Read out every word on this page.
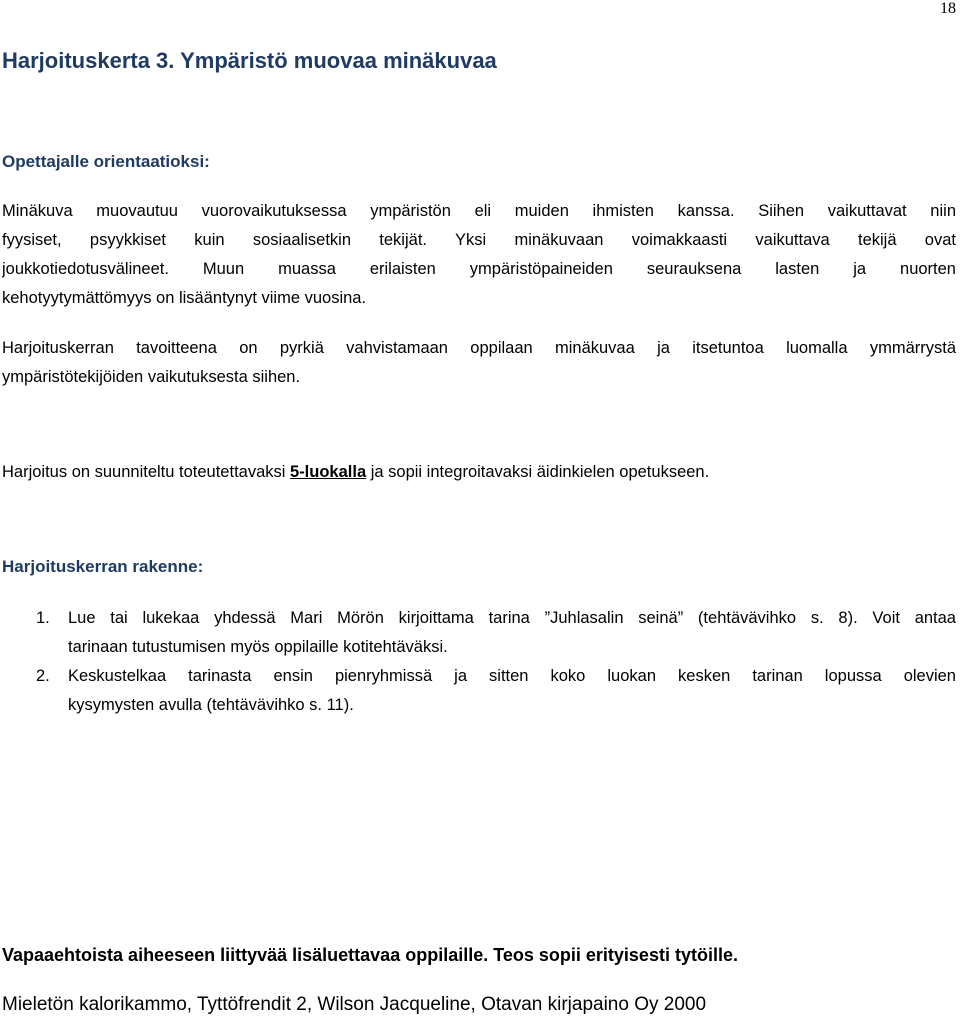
18
Harjoituskerta 3. Ympäristö muovaa minäkuvaa
Opettajalle orientaatioksi:
Minäkuva muovautuu vuorovaikutuksessa ympäristön eli muiden ihmisten kanssa. Siihen vaikuttavat niin
fyysiset, psyykkiset kuin sosiaalisetkin tekijät. Yksi minäkuvaan voimakkaasti vaikuttava tekijä ovat
joukkotiedotusvälineet. Muun muassa erilaisten ympäristöpaineiden seurauksena lasten ja nuorten
kehotyytymättömyys on lisääntynyt viime vuosina.
Harjoituskerran tavoitteena on pyrkiä vahvistamaan oppilaan minäkuvaa ja itsetuntoa luomalla ymmärrystä
ympäristötekijöiden vaikutuksesta siihen.
Harjoitus on suunniteltu toteutettavaksi 5-luokalla ja sopii integroitavaksi äidinkielen opetukseen.
Harjoituskerran rakenne:
1. Lue tai lukekaa yhdessä Mari Mörön kirjoittama tarina ”Juhlasalin seinä” (tehtävävihko s. 8). Voit antaa
tarinaan tutustumisen myös oppilaille kotitehtäväksi.
2. Keskustelkaa tarinasta ensin pienryhmissä ja sitten koko luokan kesken tarinan lopussa olevien
kysymysten avulla (tehtävävihko s. 11).
Vapaaehtoista aiheeseen liittyvää lisäluettavaa oppilaille. Teos sopii erityisesti tytöille.
Mieletön kalorikammo, Tyttöfrendit 2, Wilson Jacqueline, Otavan kirjapaino Oy 2000
